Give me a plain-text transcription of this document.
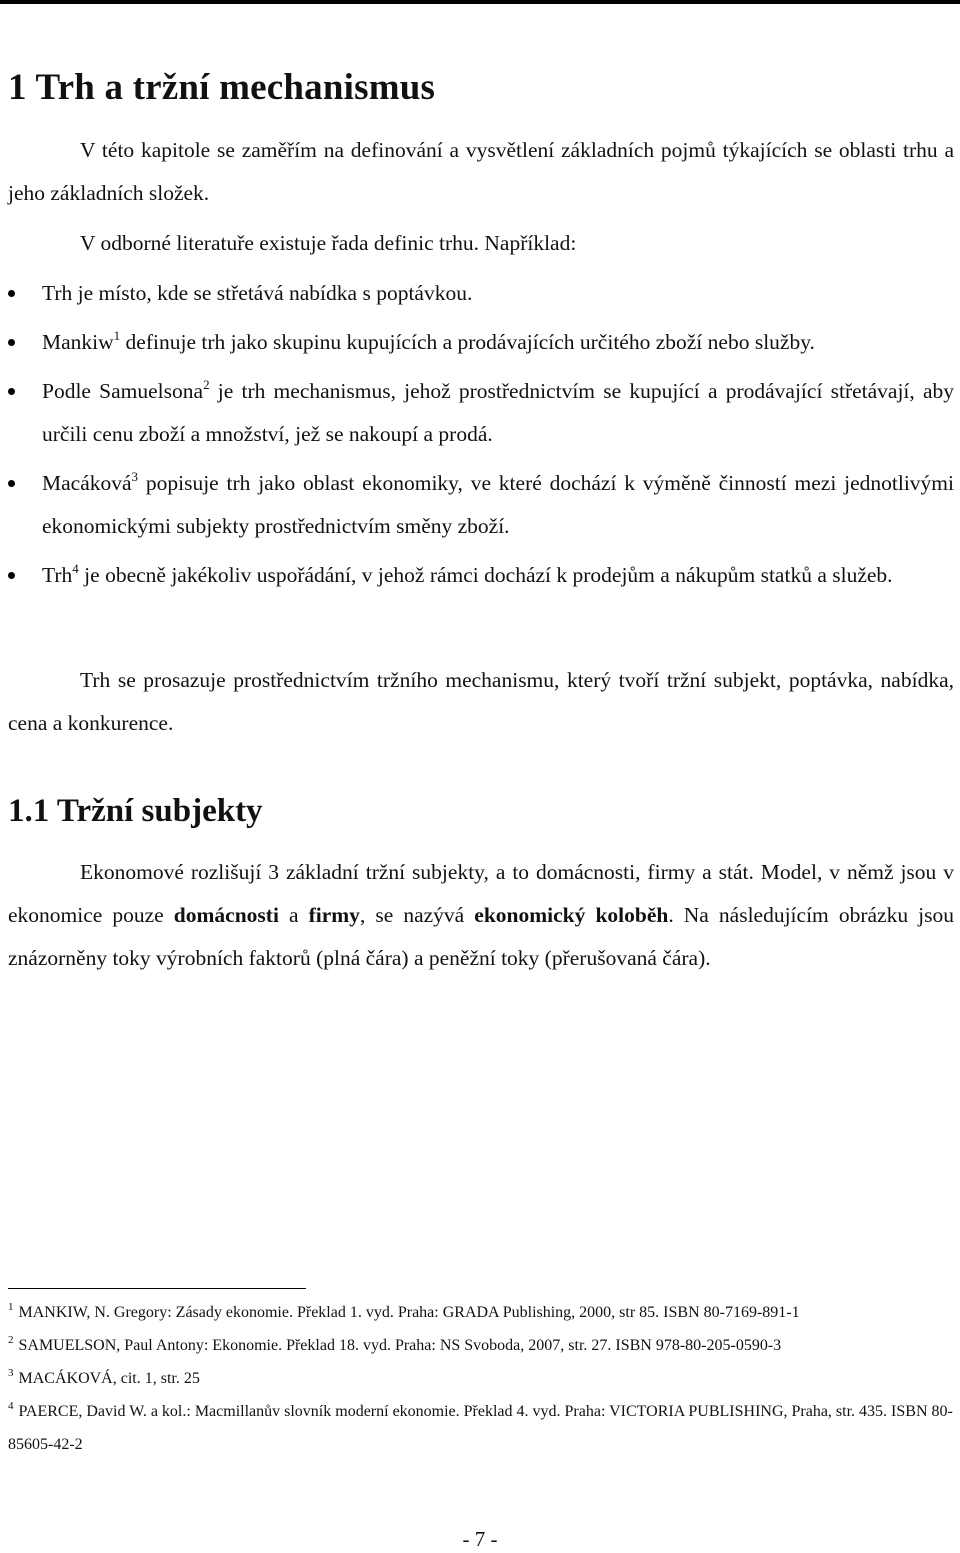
1 Trh a tržní mechanismus

V této kapitole se zaměřím na definování a vysvětlení základních pojmů týkajících se oblasti trhu a jeho základních složek.

V odborné literatuře existuje řada definic trhu. Například:

Trh je místo, kde se střetává nabídka s poptávkou.
Mankiw$^1$ definuje trh jako skupinu kupujících a prodávajících určitého zboží nebo služby.
Podle Samuelsona$^2$ je trh mechanismus, jehož prostřednictvím se kupující a prodávající střetávají, aby určili cenu zboží a množství, jež se nakoupí a prodá.
Macáková$^3$ popisuje trh jako oblast ekonomiky, ve které dochází k výměně činností mezi jednotlivými ekonomickými subjekty prostřednictvím směny zboží.
Trh$^4$ je obecně jakékoliv uspořádání, v jehož rámci dochází k prodejům a nákupům statků a služeb.

Trh se prosazuje prostřednictvím tržního mechanismu, který tvoří tržní subjekt, poptávka, nabídka, cena a konkurence.

1.1 Tržní subjekty

Ekonomové rozlišují 3 základní tržní subjekty, a to domácnosti, firmy a stát. Model, v němž jsou v ekonomice pouze domácnosti a firmy, se nazývá ekonomický koloběh. Na následujícím obrázku jsou znázorněny toky výrobních faktorů (plná čára) a peněžní toky (přerušovaná čára).

$^1$ MANKIW, N. Gregory: Zásady ekonomie. Překlad 1. vyd. Praha: GRADA Publishing, 2000, str 85. ISBN 80-7169-891-1

$^2$ SAMUELSON, Paul Antony: Ekonomie. Překlad 18. vyd. Praha: NS Svoboda, 2007, str. 27. ISBN 978-80-205-0590-3

$^3$ MACÁKOVÁ, cit. 1, str. 25

$^4$ PAERCE, David W. a kol.: Macmillanův slovník moderní ekonomie. Překlad 4. vyd. Praha: VICTORIA PUBLISHING, Praha, str. 435. ISBN 80-85605-42-2

- 7 -
